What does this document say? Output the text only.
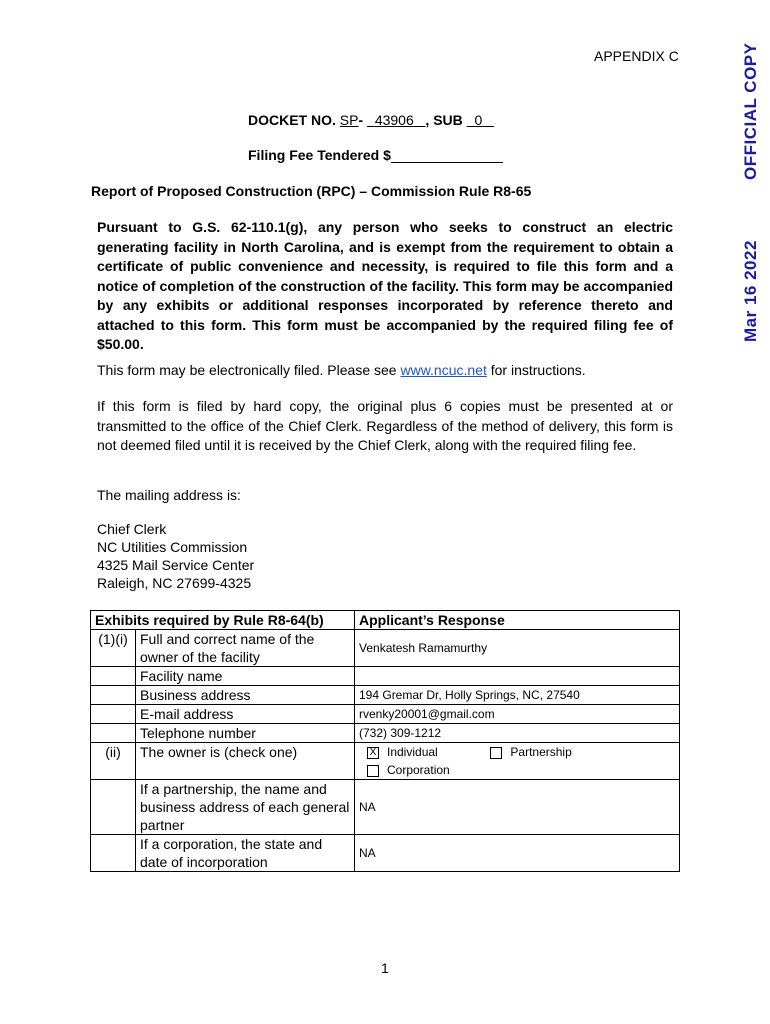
APPENDIX C	OFFICIAL COPY
Mar 16 2022
DOCKET NO. SP- 43906 , SUB 0
Filing Fee Tendered $
Report of Proposed Construction (RPC) – Commission Rule R8-65
Pursuant to G.S. 62-110.1(g), any person who seeks to construct an electric generating facility in North Carolina, and is exempt from the requirement to obtain a certificate of public convenience and necessity, is required to file this form and a notice of completion of the construction of the facility. This form may be accompanied by any exhibits or additional responses incorporated by reference thereto and attached to this form. This form must be accompanied by the required filing fee of $50.00.
This form may be electronically filed. Please see www.ncuc.net for instructions.
If this form is filed by hard copy, the original plus 6 copies must be presented at or transmitted to the office of the Chief Clerk. Regardless of the method of delivery, this form is not deemed filed until it is received by the Chief Clerk, along with the required filing fee.
The mailing address is:
Chief Clerk
NC Utilities Commission
4325 Mail Service Center
Raleigh, NC 27699-4325
Exhibits required by Rule R8-64(b)		Applicant’s Response
(1)(i)	Full and correct name of the owner of the facility	Venkatesh Ramamurthy
	Facility name	
	Business address	194 Gremar Dr, Holly Springs, NC, 27540
	E-mail address	rvenky20001@gmail.com
	Telephone number	(732) 309-1212
(ii)	The owner is (check one)	X Individual Partnership
Corporation

	If a partnership, the name and business address of each general partner	NA
	If a corporation, the state and date of incorporation	NA
1
